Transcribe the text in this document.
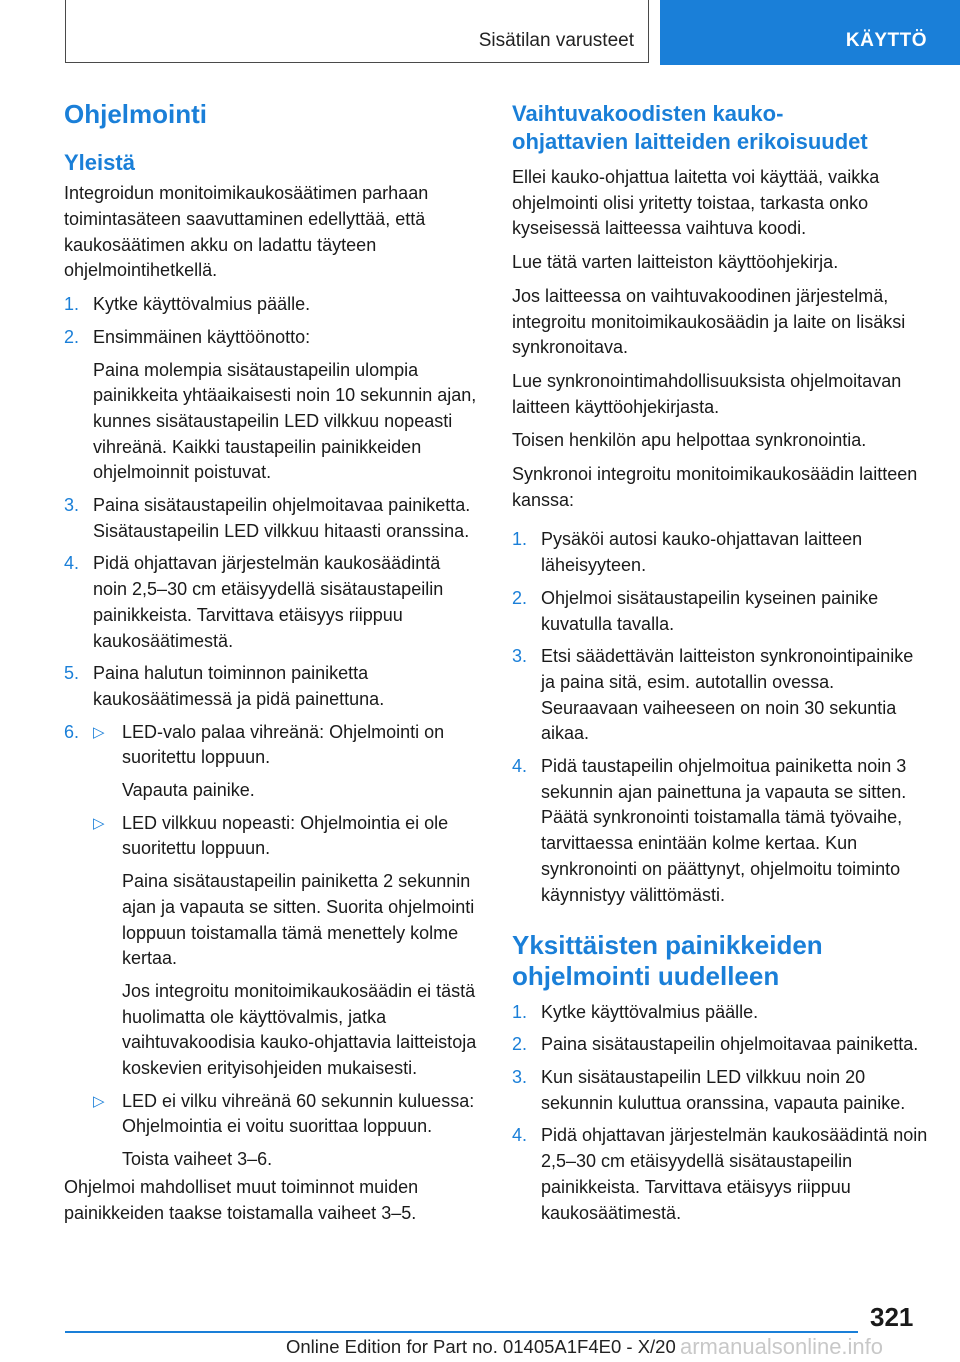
Sisätilan varusteet	KÄYTTÖ
Ohjelmointi
Yleistä

Integroidun monitoimikaukosäätimen parhaan toimintasäteen saavuttaminen edellyttää, että kaukosäätimen akku on ladattu täyteen ohjelmointihetkellä.

1. Kytke käyttövalmius päälle.
2. Ensimmäinen käyttöönotto:

Paina molempia sisätaustapeilin ulompia painikkeita yhtäaikaisesti noin 10 sekunnin ajan, kunnes sisätaustapeilin LED vilkkuu nopeasti vihreänä. Kaikki taustapeilin painikkeiden ohjelmoinnit poistuvat.

3. Paina sisätaustapeilin ohjelmoitavaa painiketta. Sisätaustapeilin LED vilkkuu hitaasti oranssina.
4. Pidä ohjattavan järjestelmän kaukosäädintä noin 2,5–30 cm etäisyydellä sisätaustapeilin painikkeista. Tarvittava etäisyys riippuu kaukosäätimestä.
5. Paina halutun toiminnon painiketta kaukosäätimessä ja pidä painettuna.
6. ▷ LED-valo palaa vihreänä: Ohjelmointi on suoritettu loppuun.

Vapauta painike.

▷ LED vilkkuu nopeasti: Ohjelmointia ei ole suoritettu loppuun.

Paina sisätaustapeilin painiketta 2 sekunnin ajan ja vapauta se sitten. Suorita ohjelmointi loppuun toistamalla tämä menettely kolme kertaa.

Jos integroitu monitoimikaukosäädin ei tästä huolimatta ole käyttövalmis, jatka vaihtuvakoodisia kauko-ohjattavia laitteistoja koskevien erityisohjeiden mukaisesti.

▷ LED ei vilku vihreänä 60 sekunnin kuluessa: Ohjelmointia ei voitu suorittaa loppuun.

Toista vaiheet 3–6.

Ohjelmoi mahdolliset muut toiminnot muiden painikkeiden taakse toistamalla vaiheet 3–5.

Vaihtuvakoodisten kauko-
ohjattavien laitteiden erikoisuudet

Ellei kauko-ohjattua laitetta voi käyttää, vaikka ohjelmointi olisi yritetty toistaa, tarkasta onko kyseisessä laitteessa vaihtuva koodi.

Lue tätä varten laitteiston käyttöohjekirja.

Jos laitteessa on vaihtuvakoodinen järjestelmä, integroitu monitoimikaukosäädin ja laite on lisäksi synkronoitava.

Lue synkronointimahdollisuuksista ohjelmoitavan laitteen käyttöohjekirjasta.

Toisen henkilön apu helpottaa synkronointia.

Synkronoi integroitu monitoimikaukosäädin laitteen kanssa:

1. Pysäköi autosi kauko-ohjattavan laitteen läheisyyteen.
2. Ohjelmoi sisätaustapeilin kyseinen painike kuvatulla tavalla.
3. Etsi säädettävän laitteiston synkronointipainike ja paina sitä, esim. autotallin ovessa. Seuraavaan vaiheeseen on noin 30 sekuntia aikaa.
4. Pidä taustapeilin ohjelmoitua painiketta noin 3 sekunnin ajan painettuna ja vapauta se sitten. Päätä synkronointi toistamalla tämä työvaihe, tarvittaessa enintään kolme kertaa. Kun synkronointi on päättynyt, ohjelmoitu toiminto käynnistyy välittömästi.
Yksittäisten painikkeiden
ohjelmointi uudelleen
1. Kytke käyttövalmius päälle.
2. Paina sisätaustapeilin ohjelmoitavaa painiketta.
3. Kun sisätaustapeilin LED vilkkuu noin 20 sekunnin kuluttua oranssina, vapauta painike.
4. Pidä ohjattavan järjestelmän kaukosäädintä noin 2,5–30 cm etäisyydellä sisätaustapeilin painikkeista. Tarvittava etäisyys riippuu kaukosäätimestä.
321
Online Edition for Part no. 01405A1F4E0 - X/20 armanualsonline.info
